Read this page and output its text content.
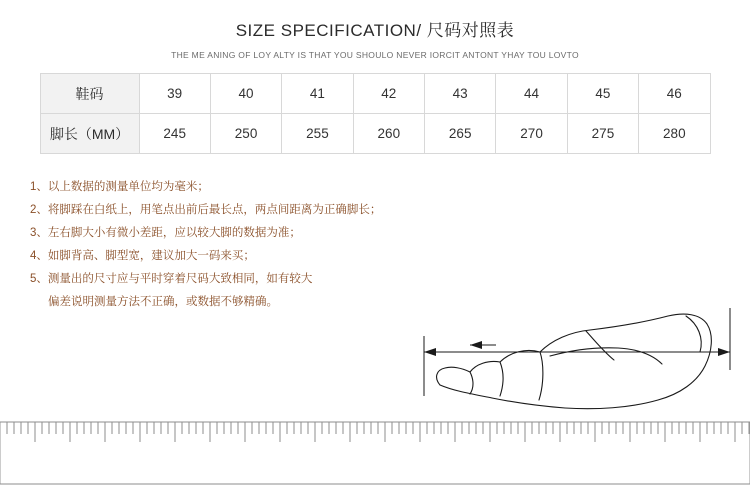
SIZE SPECIFICATION/ 尺码对照表
THE ME ANING OF LOY ALTY IS THAT YOU SHOULO NEVER IORCIT ANTONT YHAY TOU LOVTO
鞋码	39	40	41	42	43	44	45	46
脚长（MM）	245	250	255	260	265	270	275	280
1、以上数据的测量单位均为毫米；
2、将脚踩在白纸上，用笔点出前后最长点，两点间距离为正确脚长；
3、左右脚大小有微小差距，应以较大脚的数据为准；
4、如脚背高、脚型宽，建议加大一码来买；
5、测量出的尺寸应与平时穿着尺码大致相同，如有较大
偏差说明测量方法不正确，或数据不够精确。
